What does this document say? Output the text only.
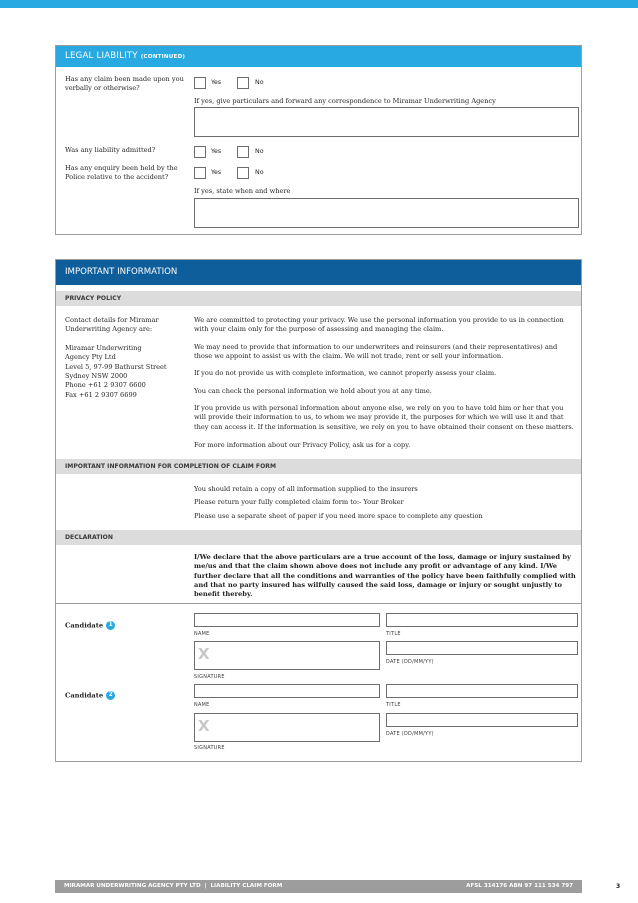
LEGAL LIABILITY (CONTINUED)
Has any claim been made upon you verbally or otherwise?
Yes	No
If yes, give particulars and forward any correspondence to Miramar Underwriting Agency
Was any liability admitted?	Yes	No
Has any enquiry been held by the Police relative to the accident?
Yes	No
If yes, state when and where
IMPORTANT INFORMATION
PRIVACY POLICY
Contact details for Miramar Underwriting Agency are:
Miramar Underwriting Agency Pty Ltd
Level 5, 97-99 Bathurst Street
Sydney NSW 2000
Phone +61 2 9307 6600
Fax +61 2 9307 6699
We are committed to protecting your privacy. We use the personal information you provide to us in connection with your claim only for the purpose of assessing and managing the claim.
We may need to provide that information to our underwriters and reinsurers (and their representatives) and those we appoint to assist us with the claim. We will not trade, rent or sell your information.
If you do not provide us with complete information, we cannot properly assess your claim.
You can check the personal information we hold about you at any time.
If you provide us with personal information about anyone else, we rely on you to have told him or her that you will provide their information to us, to whom we may provide it, the purposes for which we will use it and that they can access it. If the information is sensitive, we rely on you to have obtained their consent on these matters.
For more information about our Privacy Policy, ask us for a copy.
IMPORTANT INFORMATION FOR COMPLETION OF CLAIM FORM
You should retain a copy of all information supplied to the insurers
Please return your fully completed claim form to:- Your Broker
Please use a separate sheet of paper if you need more space to complete any question
DECLARATION
I/We declare that the above particulars are a true account of the loss, damage or injury sustained by me/us and that the claim shown above does not include any profit or advantage of any kind. I/We further declare that all the conditions and warranties of the policy have been faithfully complied with and that no party insured has wilfully caused the said loss, damage or injury or sought unjustly to benefit thereby.
Candidate 1
NAME	TITLE
X	DATE (DD/MM/YY)
SIGNATURE
Candidate 2
NAME	TITLE
X	DATE (DD/MM/YY)
SIGNATURE
MIRAMAR UNDERWRITING AGENCY PTY LTD  |  LIABILITY CLAIM FORM	AFSL 314176 ABN 97 111 534 797	3
